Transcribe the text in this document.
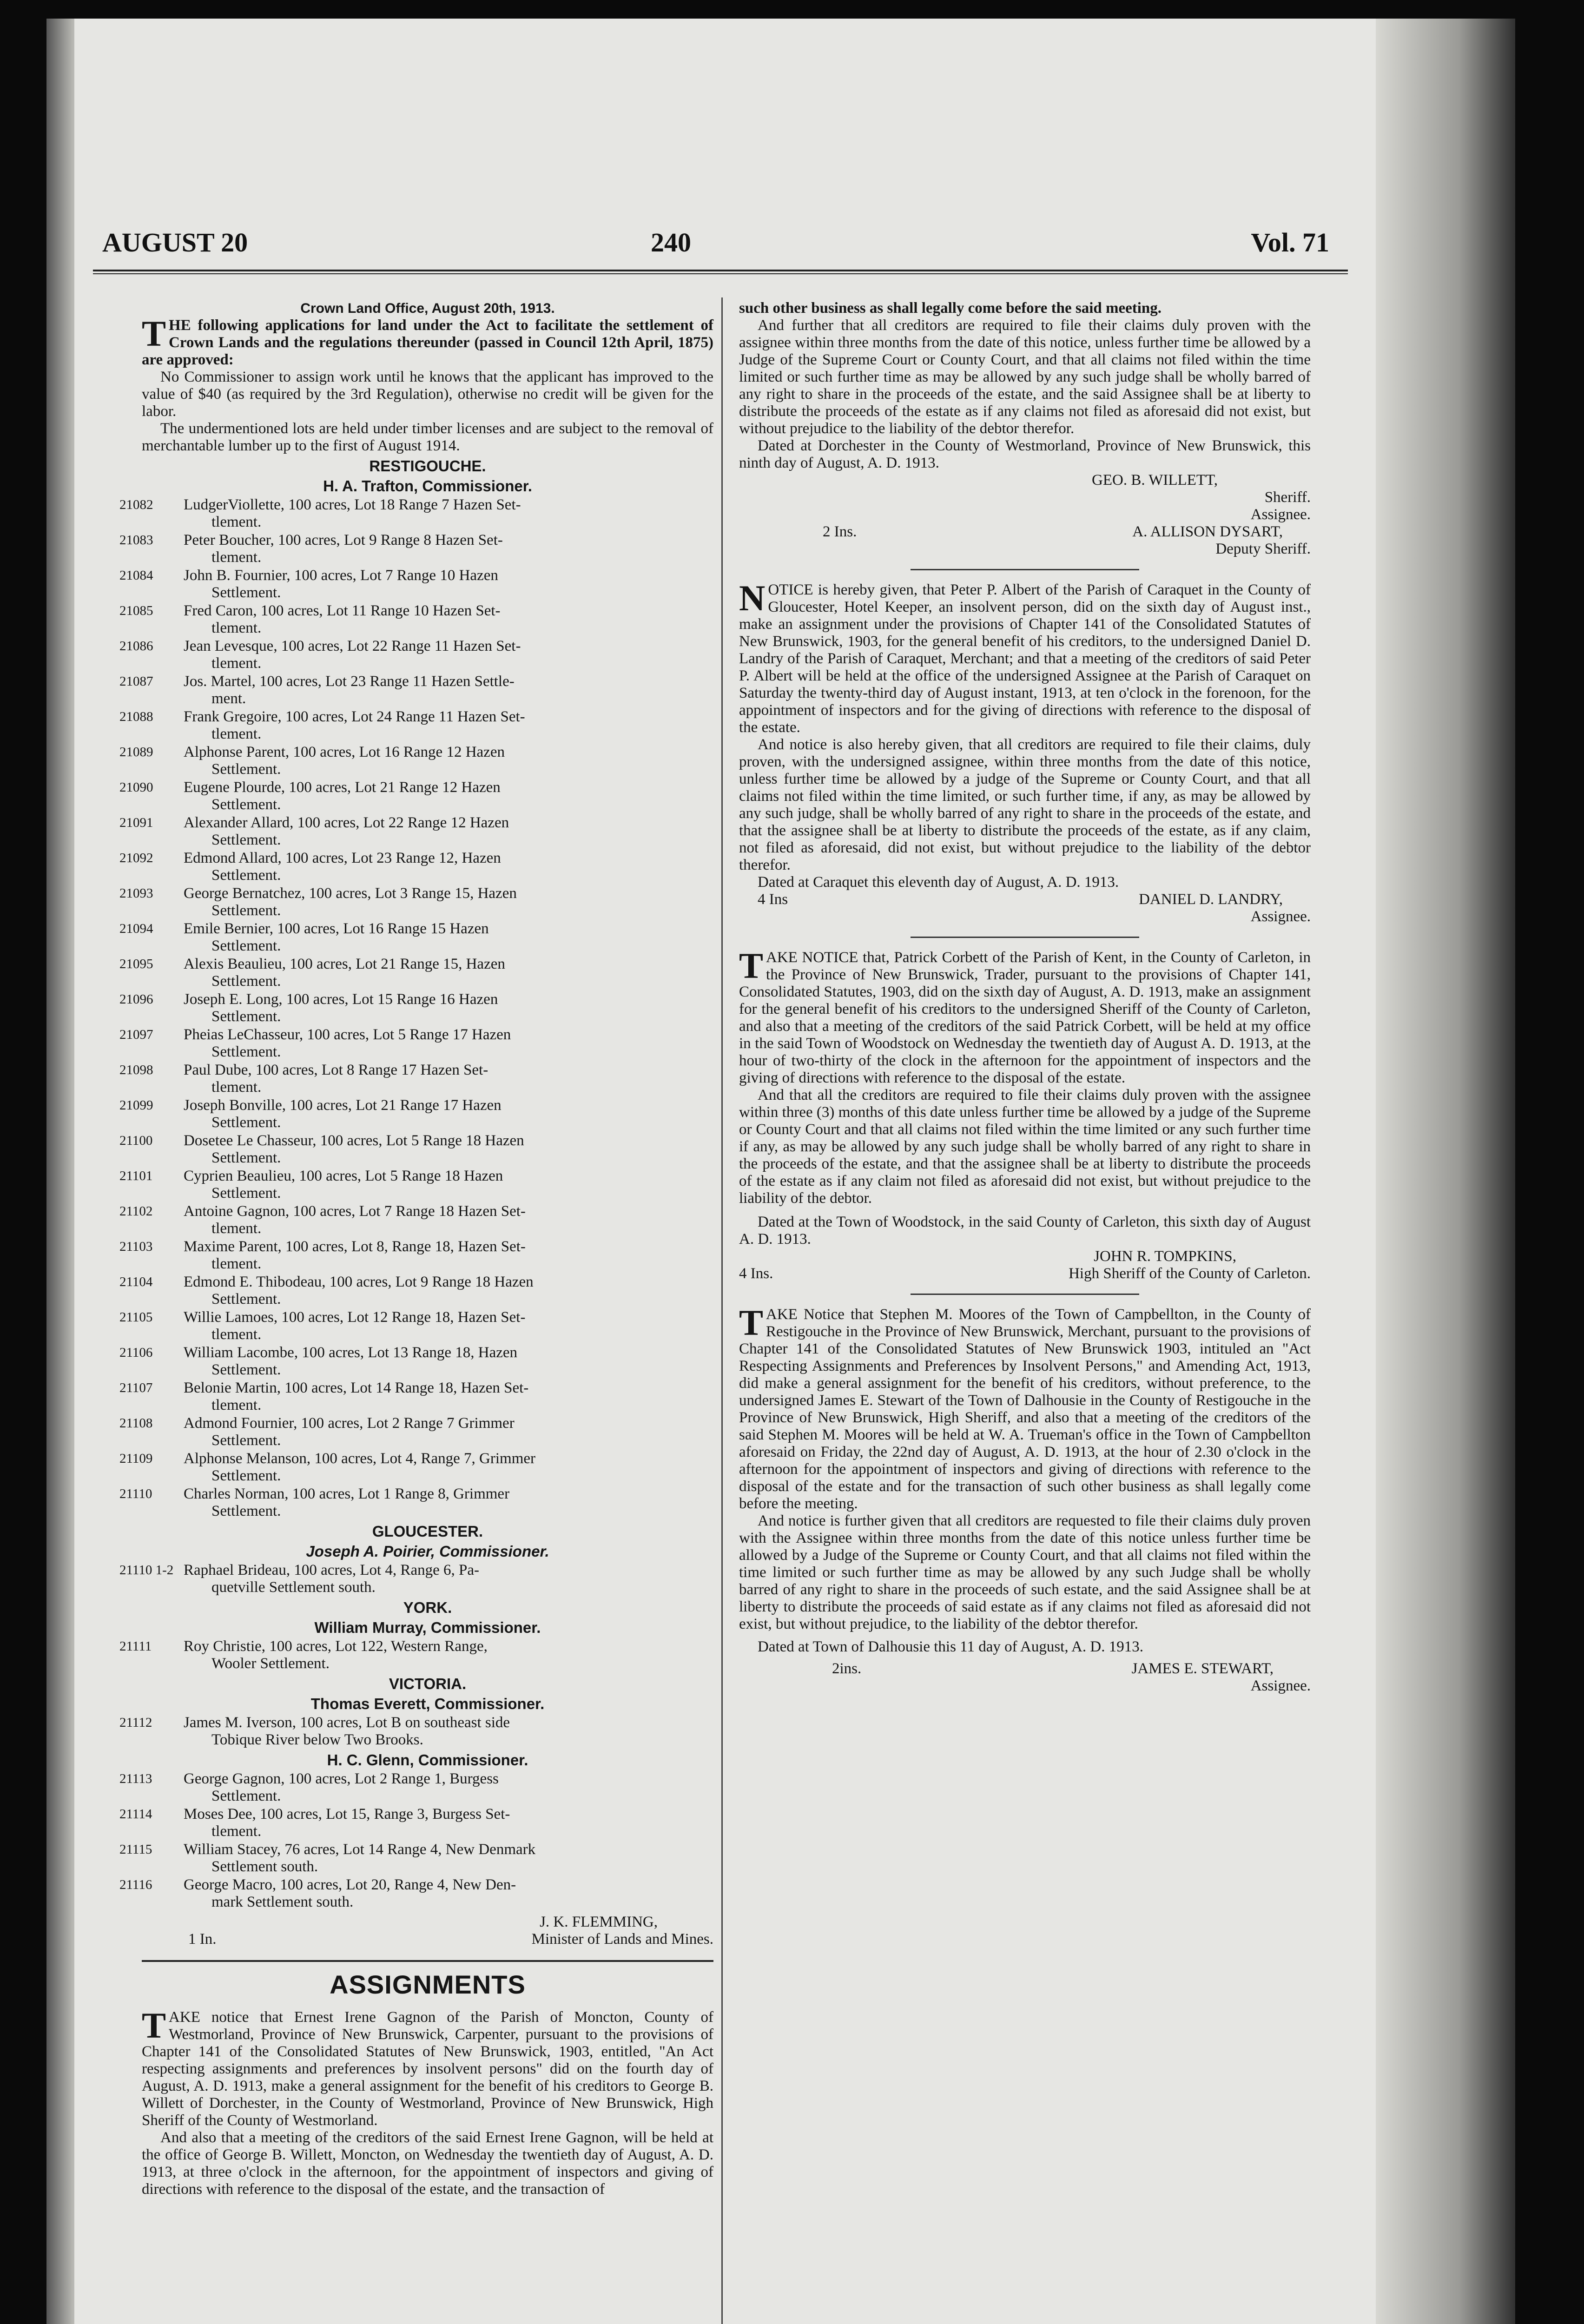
AUGUST 20	240	Vol. 71

Crown Land Office, August 20th, 1913.

THE following applications for land under the Act to facilitate the settlement of Crown Lands and the regulations thereunder (passed in Council 12th April, 1875) are approved:

No Commissioner to assign work until he knows that the applicant has improved to the value of $40 (as required by the 3rd Regulation), otherwise no credit will be given for the labor.

The undermentioned lots are held under timber licenses and are subject to the removal of merchantable lumber up to the first of August 1914.

RESTIGOUCHE.
H. A. Trafton, Commissioner.
21082	LudgerViollette, 100 acres, Lot 18 Range 7 Hazen Set-
tlement.
21083	Peter Boucher, 100 acres, Lot 9 Range 8 Hazen Set-
tlement.
21084	John B. Fournier, 100 acres, Lot 7 Range 10 Hazen
Settlement.
21085	Fred Caron, 100 acres, Lot 11 Range 10 Hazen Set-
tlement.
21086	Jean Levesque, 100 acres, Lot 22 Range 11 Hazen Set-
tlement.
21087	Jos. Martel, 100 acres, Lot 23 Range 11 Hazen Settle-
ment.
21088	Frank Gregoire, 100 acres, Lot 24 Range 11 Hazen Set-
tlement.
21089	Alphonse Parent, 100 acres, Lot 16 Range 12 Hazen
Settlement.
21090	Eugene Plourde, 100 acres, Lot 21 Range 12 Hazen
Settlement.
21091	Alexander Allard, 100 acres, Lot 22 Range 12 Hazen
Settlement.
21092	Edmond Allard, 100 acres, Lot 23 Range 12, Hazen
Settlement.
21093	George Bernatchez, 100 acres, Lot 3 Range 15, Hazen
Settlement.
21094	Emile Bernier, 100 acres, Lot 16 Range 15 Hazen
Settlement.
21095	Alexis Beaulieu, 100 acres, Lot 21 Range 15, Hazen
Settlement.
21096	Joseph E. Long, 100 acres, Lot 15 Range 16 Hazen
Settlement.
21097	Pheias LeChasseur, 100 acres, Lot 5 Range 17 Hazen
Settlement.
21098	Paul Dube, 100 acres, Lot 8 Range 17 Hazen Set-
tlement.
21099	Joseph Bonville, 100 acres, Lot 21 Range 17 Hazen
Settlement.
21100	Dosetee Le Chasseur, 100 acres, Lot 5 Range 18 Hazen
Settlement.
21101	Cyprien Beaulieu, 100 acres, Lot 5 Range 18 Hazen
Settlement.
21102	Antoine Gagnon, 100 acres, Lot 7 Range 18 Hazen Set-
tlement.
21103	Maxime Parent, 100 acres, Lot 8, Range 18, Hazen Set-
tlement.
21104	Edmond E. Thibodeau, 100 acres, Lot 9 Range 18 Hazen
Settlement.
21105	Willie Lamoes, 100 acres, Lot 12 Range 18, Hazen Set-
tlement.
21106	William Lacombe, 100 acres, Lot 13 Range 18, Hazen
Settlement.
21107	Belonie Martin, 100 acres, Lot 14 Range 18, Hazen Set-
tlement.
21108	Admond Fournier, 100 acres, Lot 2 Range 7 Grimmer
Settlement.
21109	Alphonse Melanson, 100 acres, Lot 4, Range 7, Grimmer
Settlement.
21110	Charles Norman, 100 acres, Lot 1 Range 8, Grimmer
Settlement.
GLOUCESTER.
Joseph A. Poirier, Commissioner.
21110 1-2 Raphael Brideau, 100 acres, Lot 4, Range 6, Pa-
quetville Settlement south.
YORK.
William Murray, Commissioner.
21111	Roy Christie, 100 acres, Lot 122, Western Range,
Wooler Settlement.
VICTORIA.
Thomas Everett, Commissioner.
21112	James M. Iverson, 100 acres, Lot B on southeast side
Tobique River below Two Brooks.
H. C. Glenn, Commissioner.
21113	George Gagnon, 100 acres, Lot 2 Range 1, Burgess
Settlement.
21114	Moses Dee, 100 acres, Lot 15, Range 3, Burgess Set-
tlement.
21115	William Stacey, 76 acres, Lot 14 Range 4, New Denmark
Settlement south.
21116	George Macro, 100 acres, Lot 20, Range 4, New Den-
mark Settlement south.

J. K. FLEMMING,

1 In.	Minister of Lands and Mines.
ASSIGNMENTS

TAKE notice that Ernest Irene Gagnon of the Parish of Moncton, County of Westmorland, Province of New Brunswick, Carpenter, pursuant to the provisions of Chapter 141 of the Consolidated Statutes of New Brunswick, 1903, entitled, "An Act respecting assignments and preferences by insolvent persons" did on the fourth day of August, A. D. 1913, make a general assignment for the benefit of his creditors to George B. Willett of Dorchester, in the County of Westmorland, Province of New Brunswick, High Sheriff of the County of Westmorland.

And also that a meeting of the creditors of the said Ernest Irene Gagnon, will be held at the office of George B. Willett, Moncton, on Wednesday the twentieth day of August, A. D. 1913, at three o'clock in the afternoon, for the appointment of inspectors and giving of directions with reference to the disposal of the estate, and the transaction of

such other business as shall legally come before the said meeting.

And further that all creditors are required to file their claims duly proven with the assignee within three months from the date of this notice, unless further time be allowed by a Judge of the Supreme Court or County Court, and that all claims not filed within the time limited or such further time as may be allowed by any such judge shall be wholly barred of any right to share in the proceeds of the estate, and the said Assignee shall be at liberty to distribute the proceeds of the estate as if any claims not filed as aforesaid did not exist, but without prejudice to the liability of the debtor therefor.

Dated at Dorchester in the County of Westmorland, Province of New Brunswick, this ninth day of August, A. D. 1913.

GEO. B. WILLETT,

Sheriff.

Assignee.

2 Ins.	A. ALLISON DYSART,

Deputy Sheriff.

NOTICE is hereby given, that Peter P. Albert of the Parish of Caraquet in the County of Gloucester, Hotel Keeper, an insolvent person, did on the sixth day of August inst., make an assignment under the provisions of Chapter 141 of the Consolidated Statutes of New Brunswick, 1903, for the general benefit of his creditors, to the undersigned Daniel D. Landry of the Parish of Caraquet, Merchant; and that a meeting of the creditors of said Peter P. Albert will be held at the office of the undersigned Assignee at the Parish of Caraquet on Saturday the twenty-third day of August instant, 1913, at ten o'clock in the forenoon, for the appointment of inspectors and for the giving of directions with reference to the disposal of the estate.

And notice is also hereby given, that all creditors are required to file their claims, duly proven, with the undersigned assignee, within three months from the date of this notice, unless further time be allowed by a judge of the Supreme or County Court, and that all claims not filed within the time limited, or such further time, if any, as may be allowed by any such judge, shall be wholly barred of any right to share in the proceeds of the estate, and that the assignee shall be at liberty to distribute the proceeds of the estate, as if any claim, not filed as aforesaid, did not exist, but without prejudice to the liability of the debtor therefor.

Dated at Caraquet this eleventh day of August, A. D. 1913.

4 Ins	DANIEL D. LANDRY,

Assignee.

TAKE NOTICE that, Patrick Corbett of the Parish of Kent, in the County of Carleton, in the Province of New Brunswick, Trader, pursuant to the provisions of Chapter 141, Consolidated Statutes, 1903, did on the sixth day of August, A. D. 1913, make an assignment for the general benefit of his creditors to the undersigned Sheriff of the County of Carleton, and also that a meeting of the creditors of the said Patrick Corbett, will be held at my office in the said Town of Woodstock on Wednesday the twentieth day of August A. D. 1913, at the hour of two-thirty of the clock in the afternoon for the appointment of inspectors and the giving of directions with reference to the disposal of the estate.

And that all the creditors are required to file their claims duly proven with the assignee within three (3) months of this date unless further time be allowed by a judge of the Supreme or County Court and that all claims not filed within the time limited or any such further time if any, as may be allowed by any such judge shall be wholly barred of any right to share in the proceeds of the estate, and that the assignee shall be at liberty to distribute the proceeds of the estate as if any claim not filed as aforesaid did not exist, but without prejudice to the liability of the debtor.

Dated at the Town of Woodstock, in the said County of Carleton, this sixth day of August A. D. 1913.

JOHN R. TOMPKINS,

4 Ins.	High Sheriff of the County of Carleton.

TAKE Notice that Stephen M. Moores of the Town of Campbellton, in the County of Restigouche in the Province of New Brunswick, Merchant, pursuant to the provisions of Chapter 141 of the Consolidated Statutes of New Brunswick 1903, intituled an "Act Respecting Assignments and Preferences by Insolvent Persons," and Amending Act, 1913, did make a general assignment for the benefit of his creditors, without preference, to the undersigned James E. Stewart of the Town of Dalhousie in the County of Restigouche in the Province of New Brunswick, High Sheriff, and also that a meeting of the creditors of the said Stephen M. Moores will be held at W. A. Trueman's office in the Town of Campbellton aforesaid on Friday, the 22nd day of August, A. D. 1913, at the hour of 2.30 o'clock in the afternoon for the appointment of inspectors and giving of directions with reference to the disposal of the estate and for the transaction of such other business as shall legally come before the meeting.

And notice is further given that all creditors are requested to file their claims duly proven with the Assignee within three months from the date of this notice unless further time be allowed by a Judge of the Supreme or County Court, and that all claims not filed within the time limited or such further time as may be allowed by any such Judge shall be wholly barred of any right to share in the proceeds of such estate, and the said Assignee shall be at liberty to distribute the proceeds of said estate as if any claims not filed as aforesaid did not exist, but without prejudice, to the liability of the debtor therefor.

Dated at Town of Dalhousie this 11 day of August, A. D. 1913.

2ins.	JAMES E. STEWART,

Assignee.
